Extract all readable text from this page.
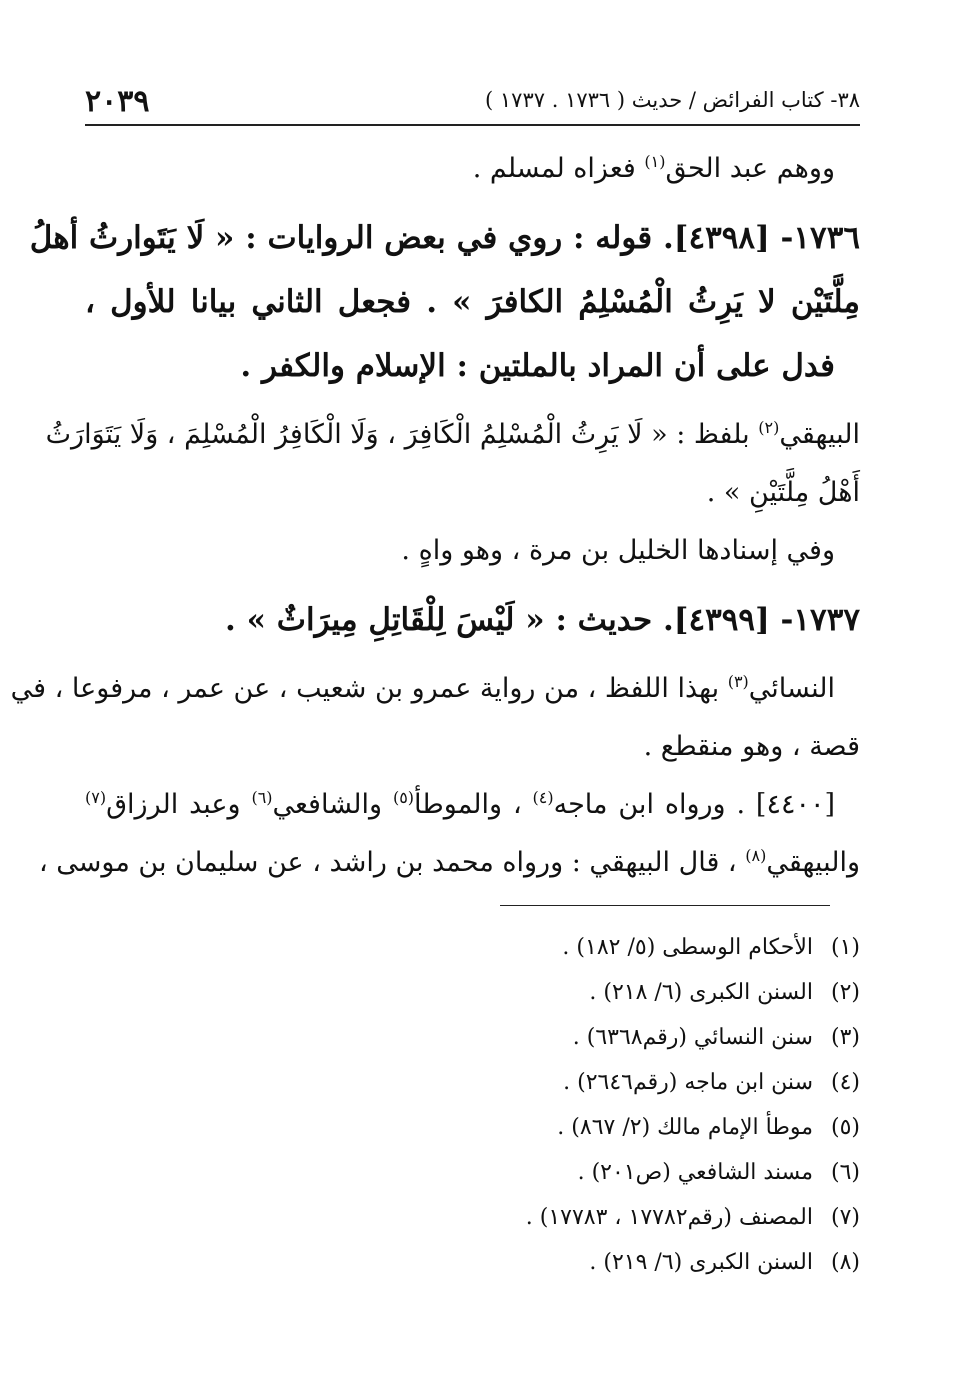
٢٠٣٩	٣٨- كتاب الفرائض / حديث ( ١٧٣٦ . ١٧٣٧ )
ووهم عبد الحق$^{(١)}$ فعزاه لمسلم .
١٧٣٦- [٤٣٩٨]. قوله : روي في بعض الروايات : « لَا يَتَوارثُ أهلُ
مِلَّتَيْن لا يَرِثُ الْمُسْلِمُ الكافرَ » . فجعل الثاني بيانا للأول ،
فدل على أن المراد بالملتين : الإسلام والكفر .
البيهقي$^{(٢)}$ بلفظ : « لَا يَرِثُ الْمُسْلِمُ الْكَافِرَ ، وَلَا الْكَافِرُ الْمُسْلِمَ ، وَلَا يَتَوَارَثُ
أَهْلُ مِلَّتَيْنِ » .
وفي إسنادها الخليل بن مرة ، وهو واهٍ .
١٧٣٧- [٤٣٩٩]. حديث : « لَيْسَ لِلْقَاتِلِ مِيرَاثٌ » .
النسائي$^{(٣)}$ بهذا اللفظ ، من رواية عمرو بن شعيب ، عن عمر ، مرفوعا ، في
قصة ، وهو منقطع .
[٤٤٠٠] . ورواه ابن ماجه$^{(٤)}$ ، والموطأ$^{(٥)}$ والشافعي$^{(٦)}$ وعبد الرزاق$^{(٧)}$
والبيهقي$^{(٨)}$ ، قال البيهقي : ورواه محمد بن راشد ، عن سليمان بن موسى ،
(١) الأحكام الوسطى (٥/ ١٨٢) .
(٢) السنن الكبرى (٦/ ٢١٨) .
(٣) سنن النسائي (رقم٦٣٦٨) .
(٤) سنن ابن ماجه (رقم٢٦٤٦) .
(٥) موطأ الإمام مالك (٢/ ٨٦٧) .
(٦) مسند الشافعي (ص٢٠١) .
(٧) المصنف (رقم١٧٧٨٢ ، ١٧٧٨٣) .
(٨) السنن الكبرى (٦/ ٢١٩) .
